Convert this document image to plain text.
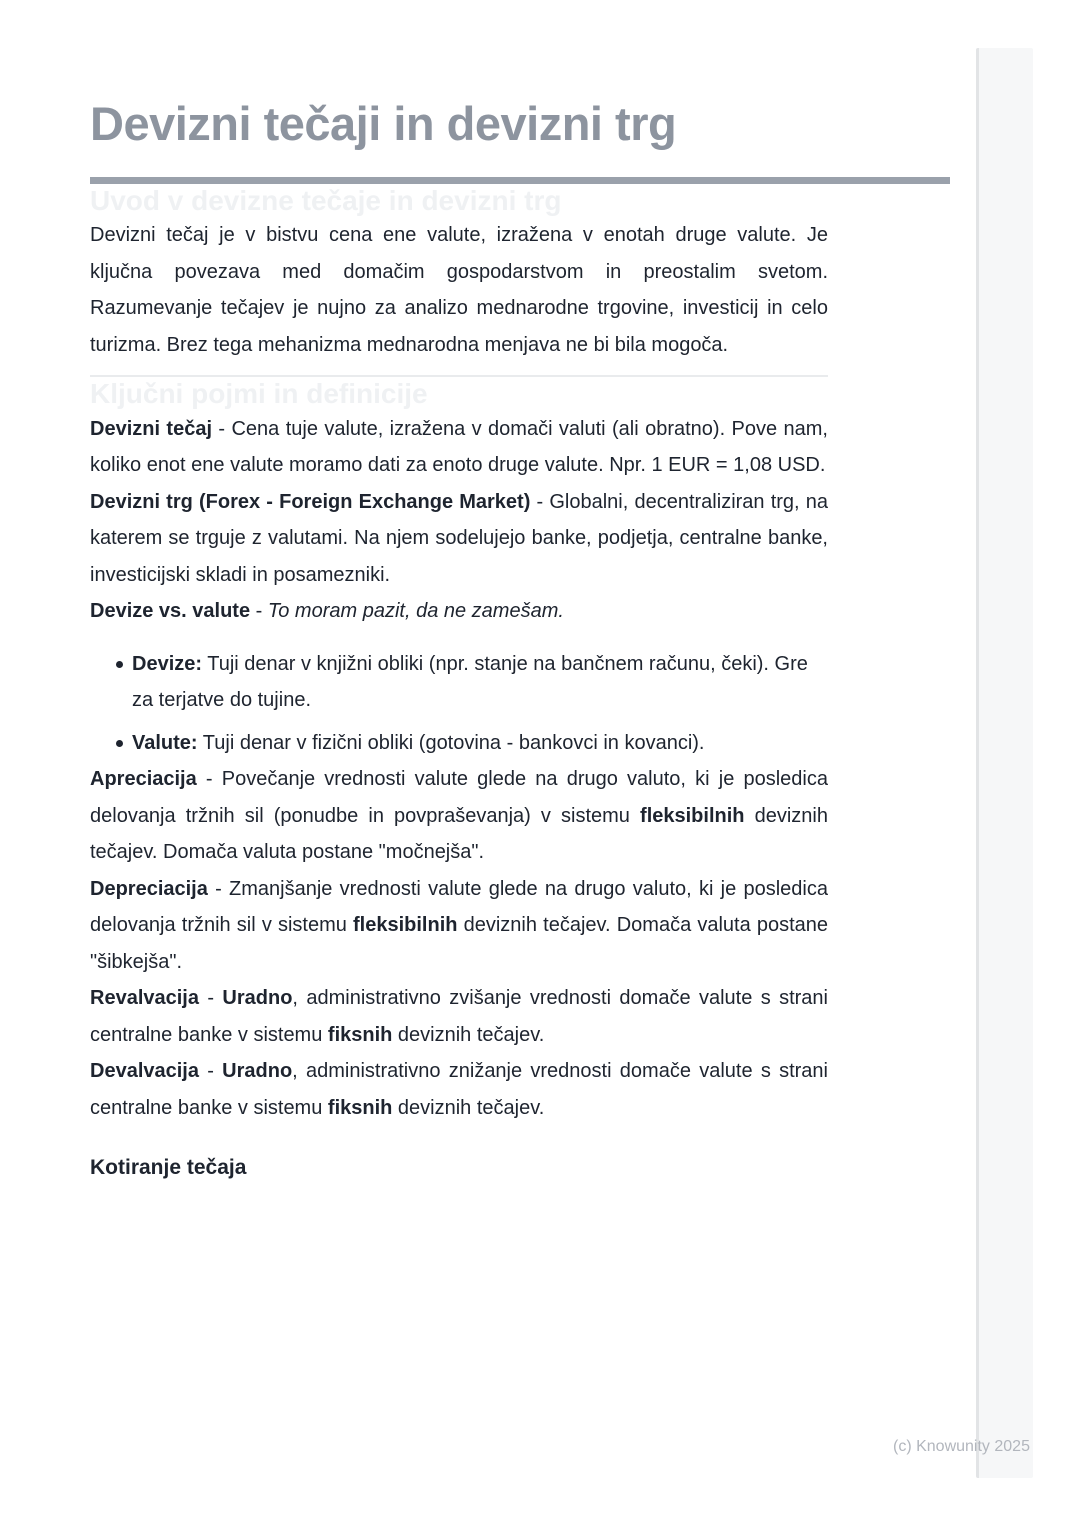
(c) Knowunity 2025
Devizni tečaji in devizni trg
Uvod v devizne tečaje in devizni trg

Devizni tečaj je v bistvu cena ene valute, izražena v enotah druge valute. Je ključna povezava med domačim gospodarstvom in preostalim svetom. Razumevanje tečajev je nujno za analizo mednarodne trgovine, investicij in celo turizma. Brez tega mehanizma mednarodna menjava ne bi bila mogoča.

Ključni pojmi in definicije

Devizni tečaj - Cena tuje valute, izražena v domači valuti (ali obratno). Pove nam, koliko enot ene valute moramo dati za enoto druge valute. Npr. 1 EUR = 1,08 USD.

Devizni trg (Forex - Foreign Exchange Market) - Globalni, decentraliziran trg, na katerem se trguje z valutami. Na njem sodelujejo banke, podjetja, centralne banke, investicijski skladi in posamezniki.

Devize vs. valute - To moram pazit, da ne zamešam.

Devize: Tuji denar v knjižni obliki (npr. stanje na bančnem računu, čeki). Gre za terjatve do tujine.
Valute: Tuji denar v fizični obliki (gotovina - bankovci in kovanci).

Apreciacija - Povečanje vrednosti valute glede na drugo valuto, ki je posledica delovanja tržnih sil (ponudbe in povpraševanja) v sistemu fleksibilnih deviznih tečajev. Domača valuta postane "močnejša".

Depreciacija - Zmanjšanje vrednosti valute glede na drugo valuto, ki je posledica delovanja tržnih sil v sistemu fleksibilnih deviznih tečajev. Domača valuta postane "šibkejša".

Revalvacija - Uradno, administrativno zvišanje vrednosti domače valute s strani centralne banke v sistemu fiksnih deviznih tečajev.

Devalvacija - Uradno, administrativno znižanje vrednosti domače valute s strani centralne banke v sistemu fiksnih deviznih tečajev.

Kotiranje tečaja
